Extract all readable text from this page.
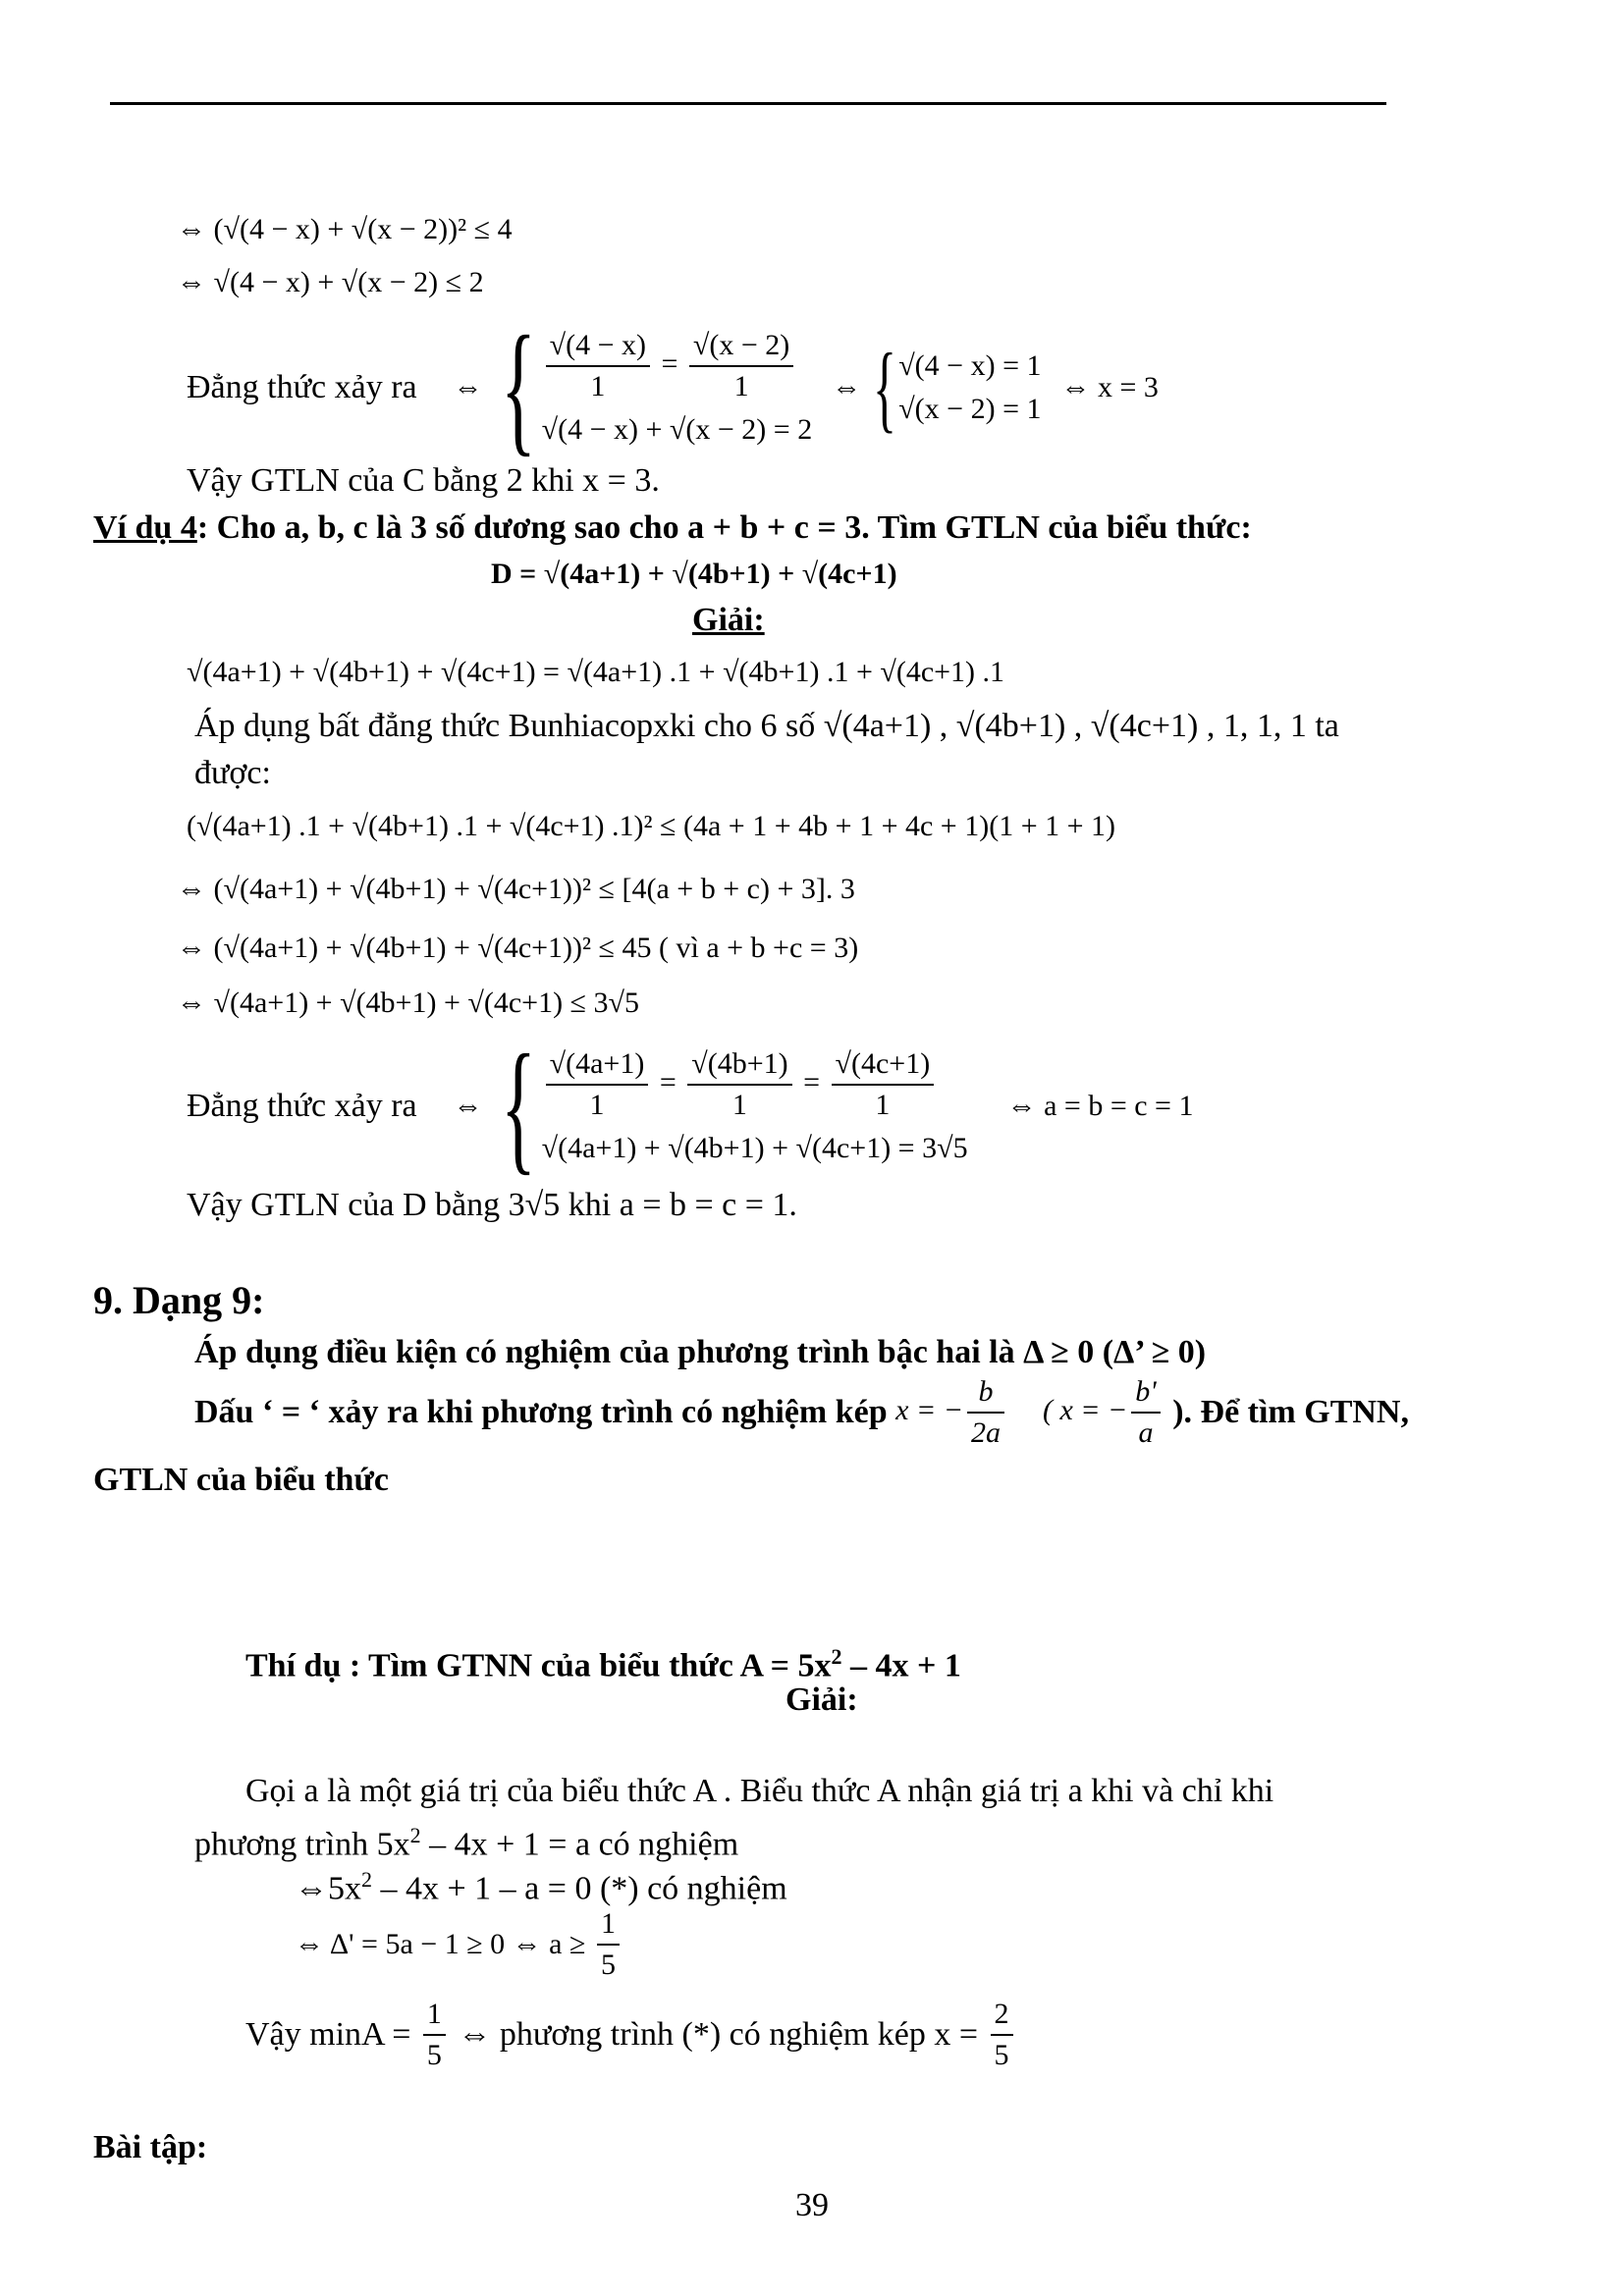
⇔ (√(4 − x) + √(x − 2))² ≤ 4
⇔ √(4 − x) + √(x − 2) ≤ 2
Đẳng thức xảy ra ⇔ { $\frac{√(4 - x)}{1} = \frac{√(x - 2)}{1}$
√(4 − x) + √(x − 2) = 2
⇔ { √(4 − x) = 1
√(x − 2) = 1
⇔ x = 3
Vậy GTLN của C bằng 2 khi x = 3.
Ví dụ 4: Cho a, b, c là 3 số dương sao cho a + b + c = 3. Tìm GTLN của biểu thức:
D = √(4a+1) + √(4b+1) + √(4c+1)
Giải:
√(4a+1) + √(4b+1) + √(4c+1) = √(4a+1) .1 + √(4b+1) .1 + √(4c+1) .1
Áp dụng bất đẳng thức Bunhiacopxki cho 6 số √(4a+1) , √(4b+1) , √(4c+1) , 1, 1, 1 ta
được:
(√(4a+1) .1 + √(4b+1) .1 + √(4c+1) .1)² ≤ (4a + 1 + 4b + 1 + 4c + 1)(1 + 1 + 1)
⇔ (√(4a+1) + √(4b+1) + √(4c+1))² ≤ [4(a + b + c) + 3]. 3
⇔ (√(4a+1) + √(4b+1) + √(4c+1))² ≤ 45 ( vì a + b +c = 3)
⇔ √(4a+1) + √(4b+1) + √(4c+1) ≤ 3√5
Đẳng thức xảy ra ⇔ { $\frac{√(4a+1)}{1} = \frac{√(4b+1)}{1} = \frac{√(4c+1)}{1}$
√(4a+1) + √(4b+1) + √(4c+1) = 3√5
⇔ a = b = c = 1
Vậy GTLN của D bằng 3√5 khi a = b = c = 1.
9. Dạng 9:
Áp dụng điều kiện có nghiệm của phương trình bậc hai là Δ ≥ 0 (Δ’ ≥ 0)
Dấu ‘ = ‘ xảy ra khi phương trình có nghiệm kép x = − $\frac{b}{2a}$ ( x = − $\frac{b'}{a}$ ). Để tìm GTNN,
GTLN của biểu thức
Thí dụ : Tìm GTNN của biểu thức $A = 5x^2 - 4x + 1$
Giải:
Gọi a là một giá trị của biểu thức A . Biểu thức A nhận giá trị a khi và chỉ khi
phương trình $5x^2 - 4x + 1 = a$ có nghiệm
$\Leftrightarrow 5x^2 - 4x + 1 - a = 0$ (*) có nghiệm
⇔ Δ' = 5a − 1 ≥ 0 ⇔ $a \ge \frac{1}{5}$
Vậy $\min A = \frac{1}{5}$ ⇔ phương trình (*) có nghiệm kép $x = \frac{2}{5}$
Bài tập:
39
